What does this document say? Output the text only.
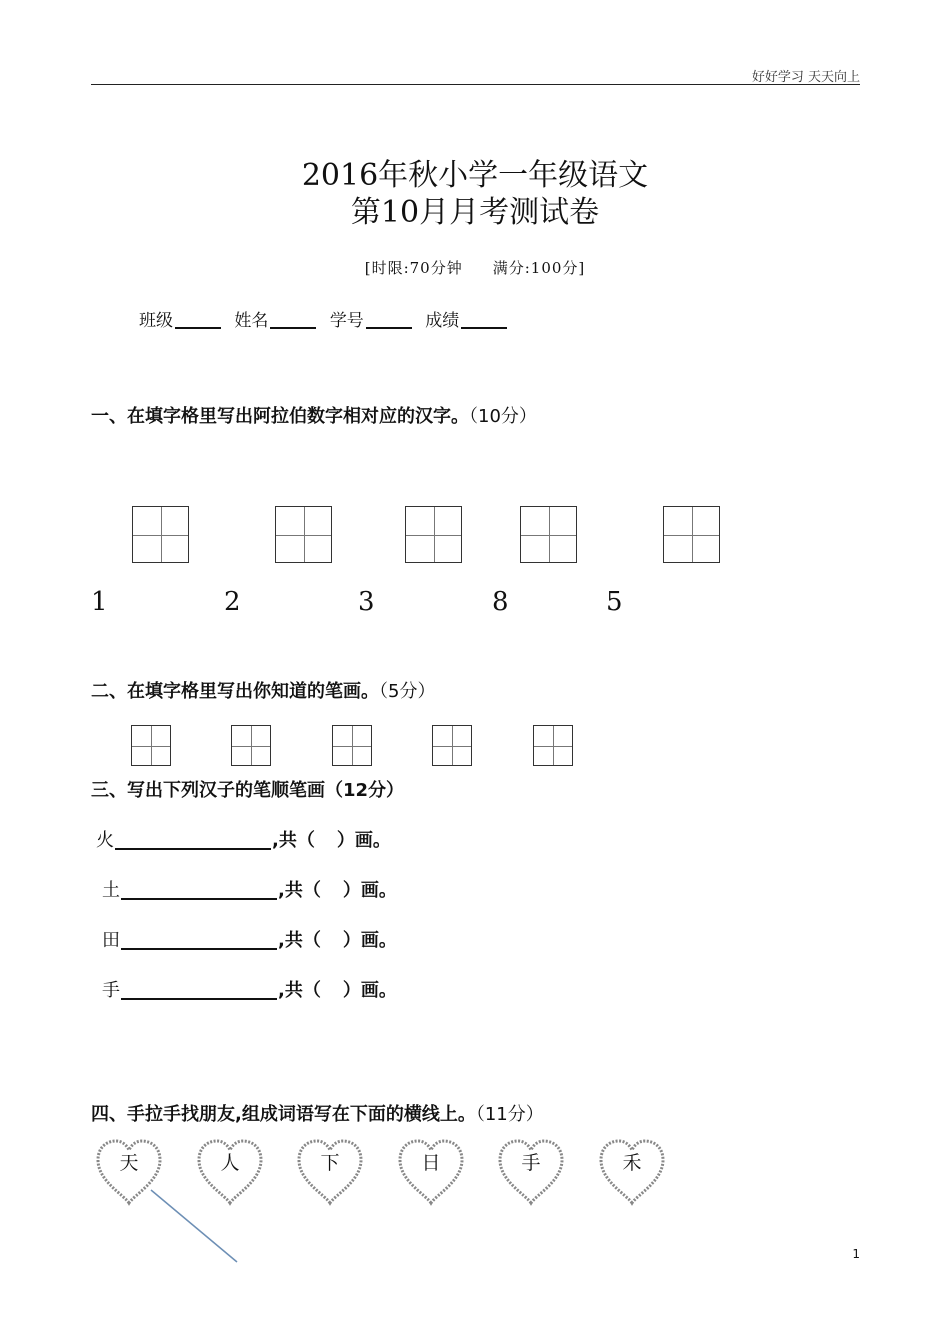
好好学习 天天向上
2016年秋小学一年级语文
第10月月考测试卷
[时限:70分钟 满分:100分]
班级	姓名	学号	成绩
一、在填字格里写出阿拉伯数字相对应的汉字。（10分）
1	2	3	8	5
二、在填字格里写出你知道的笔画。（5分）
三、写出下列汉子的笔顺笔画（12分）
火	,共（ ）画。
土	,共（ ）画。
田	,共（ ）画。
手	,共（ ）画。
四、手拉手找朋友,组成词语写在下面的横线上。（11分）
天	人	下	日	手	禾
1
